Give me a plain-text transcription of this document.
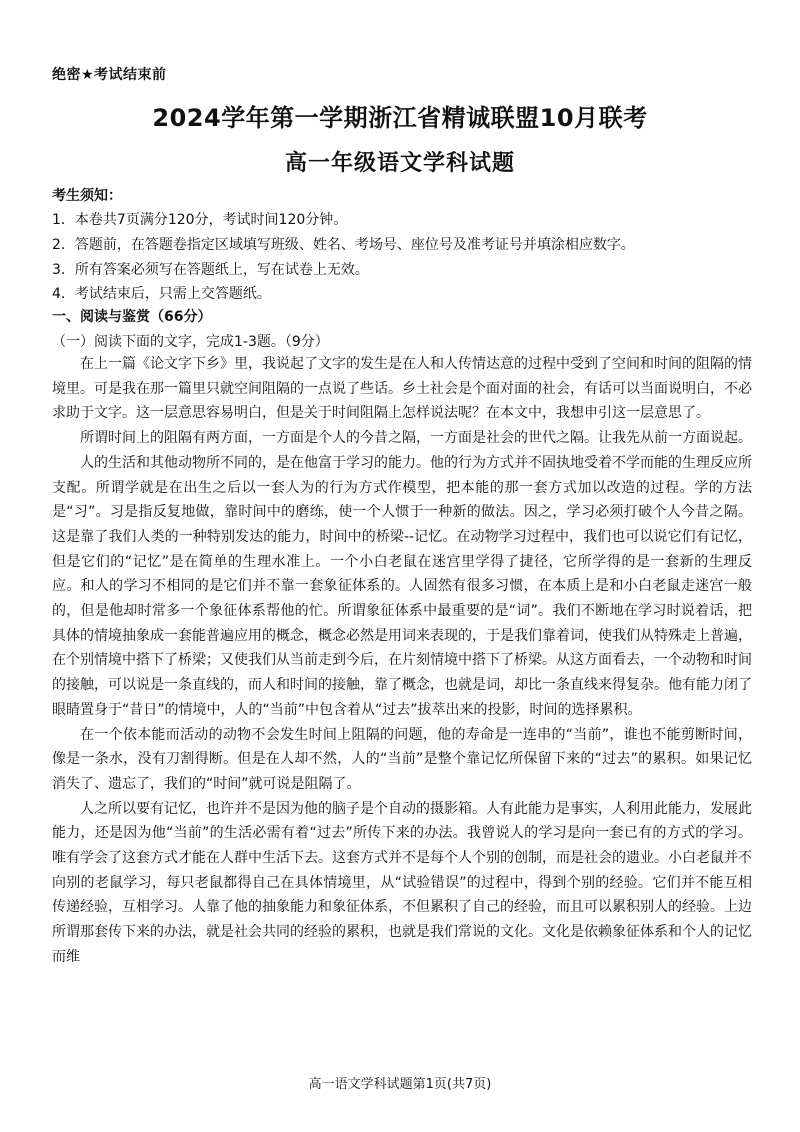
绝密★考试结束前
2024学年第一学期浙江省精诚联盟10月联考
高一年级语文学科试题
考生须知：
1．本卷共7页满分120分，考试时间120分钟。
2．答题前，在答题卷指定区域填写班级、姓名、考场号、座位号及准考证号并填涂相应数字。
3．所有答案必须写在答题纸上，写在试卷上无效。
4．考试结束后，只需上交答题纸。
一、阅读与鉴赏（66分）
（一）阅读下面的文字，完成1-3题。（9分）

在上一篇《论文字下乡》里，我说起了文字的发生是在人和人传情达意的过程中受到了空间和时间的阻隔的情境里。可是我在那一篇里只就空间阻隔的一点说了些话。乡土社会是个面对面的社会，有话可以当面说明白，不必求助于文字。这一层意思容易明白，但是关于时间阻隔上怎样说法呢？在本文中，我想申引这一层意思了。

所谓时间上的阻隔有两方面，一方面是个人的今昔之隔，一方面是社会的世代之隔。让我先从前一方面说起。

人的生活和其他动物所不同的，是在他富于学习的能力。他的行为方式并不固执地受着不学而能的生理反应所支配。所谓学就是在出生之后以一套人为的行为方式作模型，把本能的那一套方式加以改造的过程。学的方法是“习”。习是指反复地做，靠时间中的磨练，使一个人惯于一种新的做法。因之，学习必须打破个人今昔之隔。这是靠了我们人类的一种特别发达的能力，时间中的桥梁--记忆。在动物学习过程中，我们也可以说它们有记忆，但是它们的“记忆”是在简单的生理水准上。一个小白老鼠在迷宫里学得了捷径，它所学得的是一套新的生理反应。和人的学习不相同的是它们并不靠一套象征体系的。人固然有很多习惯，在本质上是和小白老鼠走迷宫一般的，但是他却时常多一个象征体系帮他的忙。所谓象征体系中最重要的是“词”。我们不断地在学习时说着话，把具体的情境抽象成一套能普遍应用的概念，概念必然是用词来表现的，于是我们靠着词，使我们从特殊走上普遍，在个别情境中搭下了桥梁；又使我们从当前走到今后，在片刻情境中搭下了桥梁。从这方面看去，一个动物和时间的接触，可以说是一条直线的，而人和时间的接触，靠了概念，也就是词，却比一条直线来得复杂。他有能力闭了眼睛置身于“昔日”的情境中，人的“当前”中包含着从“过去”拔萃出来的投影，时间的选择累积。

在一个依本能而活动的动物不会发生时间上阻隔的问题，他的寿命是一连串的“当前”，谁也不能剪断时间，像是一条水，没有刀割得断。但是在人却不然，人的“当前”是整个靠记忆所保留下来的“过去”的累积。如果记忆消失了、遗忘了，我们的“时间”就可说是阻隔了。

人之所以要有记忆，也许并不是因为他的脑子是个自动的摄影箱。人有此能力是事实，人利用此能力，发展此能力，还是因为他“当前”的生活必需有着“过去”所传下来的办法。我曾说人的学习是向一套已有的方式的学习。唯有学会了这套方式才能在人群中生活下去。这套方式并不是每个人个别的创制，而是社会的遗业。小白老鼠并不向别的老鼠学习，每只老鼠都得自己在具体情境里，从“试验错误”的过程中，得到个别的经验。它们并不能互相传递经验，互相学习。人靠了他的抽象能力和象征体系，不但累积了自己的经验，而且可以累积别人的经验。上边所谓那套传下来的办法，就是社会共同的经验的累积，也就是我们常说的文化。文化是依赖象征体系和个人的记忆而维

高一语文学科试题第1页(共7页)
